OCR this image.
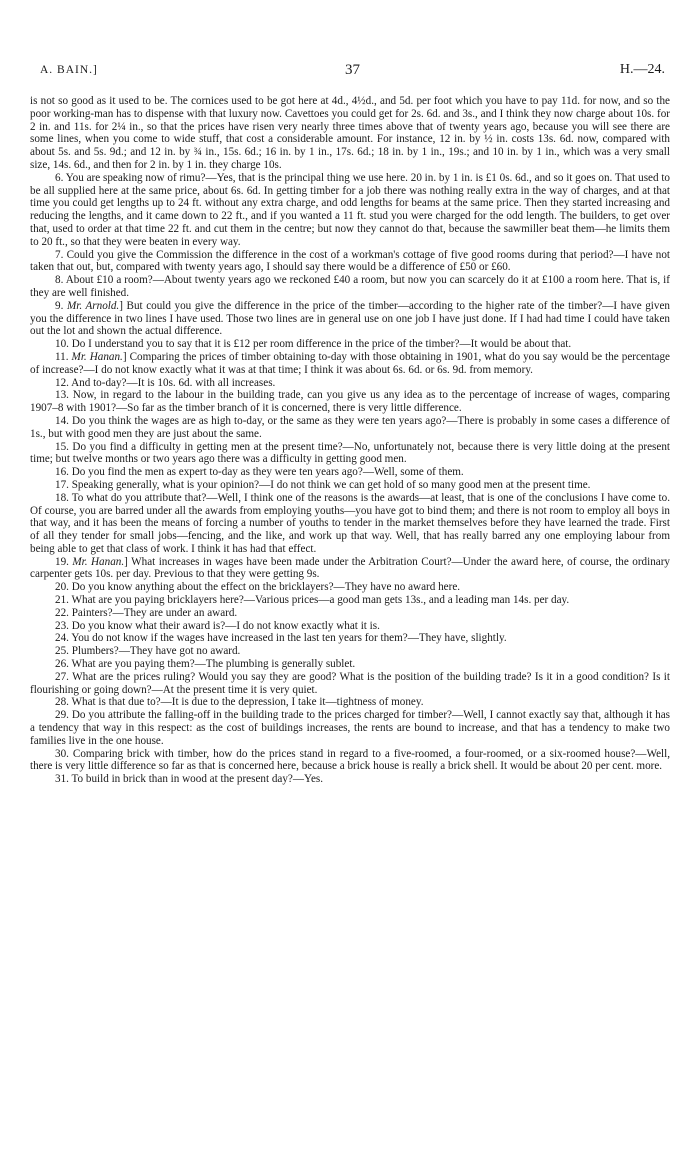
A. BAIN.]	37	H.—24.

is not so good as it used to be. The cornices used to be got here at 4d., 4½d., and 5d. per foot which you have to pay 11d. for now, and so the poor working-man has to dispense with that luxury now. Cavettoes you could get for 2s. 6d. and 3s., and I think they now charge about 10s. for 2 in. and 11s. for 2¼ in., so that the prices have risen very nearly three times above that of twenty years ago, because you will see there are some lines, when you come to wide stuff, that cost a considerable amount. For instance, 12 in. by ½ in. costs 13s. 6d. now, compared with about 5s. and 5s. 9d.; and 12 in. by ¾ in., 15s. 6d.; 16 in. by 1 in., 17s. 6d.; 18 in. by 1 in., 19s.; and 10 in. by 1 in., which was a very small size, 14s. 6d., and then for 2 in. by 1 in. they charge 10s.

6. You are speaking now of rimu?—Yes, that is the principal thing we use here. 20 in. by 1 in. is £1 0s. 6d., and so it goes on. That used to be all supplied here at the same price, about 6s. 6d. In getting timber for a job there was nothing really extra in the way of charges, and at that time you could get lengths up to 24 ft. without any extra charge, and odd lengths for beams at the same price. Then they started increasing and reducing the lengths, and it came down to 22 ft., and if you wanted a 11 ft. stud you were charged for the odd length. The builders, to get over that, used to order at that time 22 ft. and cut them in the centre; but now they cannot do that, because the sawmiller beat them—he limits them to 20 ft., so that they were beaten in every way.

7. Could you give the Commission the difference in the cost of a workman's cottage of five good rooms during that period?—I have not taken that out, but, compared with twenty years ago, I should say there would be a difference of £50 or £60.

8. About £10 a room?—About twenty years ago we reckoned £40 a room, but now you can scarcely do it at £100 a room here. That is, if they are well finished.

9. Mr. Arnold.] But could you give the difference in the price of the timber—according to the higher rate of the timber?—I have given you the difference in two lines I have used. Those two lines are in general use on one job I have just done. If I had had time I could have taken out the lot and shown the actual difference.

10. Do I understand you to say that it is £12 per room difference in the price of the timber?—It would be about that.

11. Mr. Hanan.] Comparing the prices of timber obtaining to-day with those obtaining in 1901, what do you say would be the percentage of increase?—I do not know exactly what it was at that time; I think it was about 6s. 6d. or 6s. 9d. from memory.

12. And to-day?—It is 10s. 6d. with all increases.

13. Now, in regard to the labour in the building trade, can you give us any idea as to the percentage of increase of wages, comparing 1907–8 with 1901?—So far as the timber branch of it is concerned, there is very little difference.

14. Do you think the wages are as high to-day, or the same as they were ten years ago?—There is probably in some cases a difference of 1s., but with good men they are just about the same.

15. Do you find a difficulty in getting men at the present time?—No, unfortunately not, because there is very little doing at the present time; but twelve months or two years ago there was a difficulty in getting good men.

16. Do you find the men as expert to-day as they were ten years ago?—Well, some of them.

17. Speaking generally, what is your opinion?—I do not think we can get hold of so many good men at the present time.

18. To what do you attribute that?—Well, I think one of the reasons is the awards—at least, that is one of the conclusions I have come to. Of course, you are barred under all the awards from employing youths—you have got to bind them; and there is not room to employ all boys in that way, and it has been the means of forcing a number of youths to tender in the market themselves before they have learned the trade. First of all they tender for small jobs—fencing, and the like, and work up that way. Well, that has really barred any one employing labour from being able to get that class of work. I think it has had that effect.

19. Mr. Hanan.] What increases in wages have been made under the Arbitration Court?—Under the award here, of course, the ordinary carpenter gets 10s. per day. Previous to that they were getting 9s.

20. Do you know anything about the effect on the bricklayers?—They have no award here.

21. What are you paying bricklayers here?—Various prices—a good man gets 13s., and a leading man 14s. per day.

22. Painters?—They are under an award.

23. Do you know what their award is?—I do not know exactly what it is.

24. You do not know if the wages have increased in the last ten years for them?—They have, slightly.

25. Plumbers?—They have got no award.

26. What are you paying them?—The plumbing is generally sublet.

27. What are the prices ruling? Would you say they are good? What is the position of the building trade? Is it in a good condition? Is it flourishing or going down?—At the present time it is very quiet.

28. What is that due to?—It is due to the depression, I take it—tightness of money.

29. Do you attribute the falling-off in the building trade to the prices charged for timber?—Well, I cannot exactly say that, although it has a tendency that way in this respect: as the cost of buildings increases, the rents are bound to increase, and that has a tendency to make two families live in the one house.

30. Comparing brick with timber, how do the prices stand in regard to a five-roomed, a four-roomed, or a six-roomed house?—Well, there is very little difference so far as that is concerned here, because a brick house is really a brick shell. It would be about 20 per cent. more.

31. To build in brick than in wood at the present day?—Yes.
